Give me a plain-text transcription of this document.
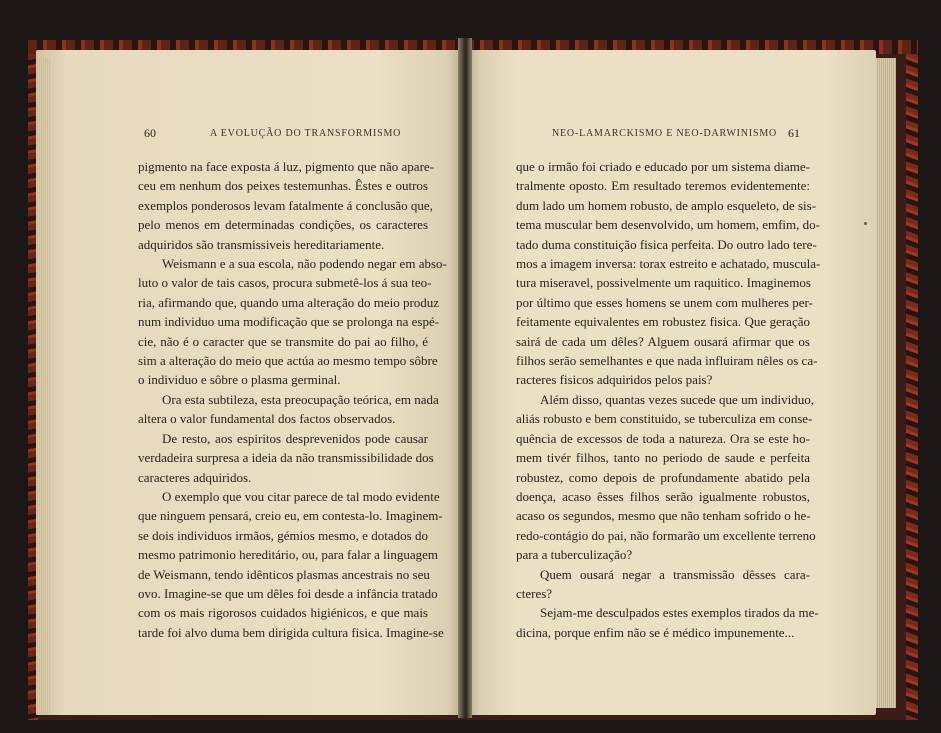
60	A EVOLUÇÃO DO TRANSFORMISMO	NEO-LAMARCKISMO E NEO-DARWINISMO 61
pigmento na face exposta á luz, pigmento que não apare-
ceu em nenhum dos peixes testemunhas. Êstes e outros
exemplos ponderosos levam fatalmente á conclusão que,
pelo menos em determinadas condições, os caracteres
adquiridos são transmissiveis hereditariamente.
Weismann e a sua escola, não podendo negar em abso-
luto o valor de tais casos, procura submetê-los á sua teo-
ria, afirmando que, quando uma alteração do meio produz
num individuo uma modificação que se prolonga na espé-
cie, não é o caracter que se transmite do pai ao filho, é
sim a alteração do meio que actúa ao mesmo tempo sôbre
o individuo e sôbre o plasma germinal.
Ora esta subtileza, esta preocupação teórica, em nada
altera o valor fundamental dos factos observados.
De resto, aos espiritos desprevenidos pode causar
verdadeira surpresa a ideia da não transmissibilidade dos
caracteres adquiridos.
O exemplo que vou citar parece de tal modo evidente
que ninguem pensará, creio eu, em contesta-lo. Imaginem-
se dois individuos irmãos, gémios mesmo, e dotados do
mesmo patrimonio hereditário, ou, para falar a linguagem
de Weismann, tendo idênticos plasmas ancestrais no seu
ovo. Imagine-se que um dêles foi desde a infância tratado
com os mais rigorosos cuidados higiénicos, e que mais
tarde foi alvo duma bem dirigida cultura fisica. Imagine-se
que o irmão foi criado e educado por um sistema diame-
tralmente oposto. Em resultado teremos evidentemente:
dum lado um homem robusto, de amplo esqueleto, de sis-
tema muscular bem desenvolvido, um homem, emfim, do-
tado duma constituição fisica perfeita. Do outro lado tere-
mos a imagem inversa: torax estreito e achatado, muscula-
tura miseravel, possivelmente um raquitico. Imaginemos
por último que esses homens se unem com mulheres per-
feitamente equivalentes em robustez fisica. Que geração
sairá de cada um dêles? Alguem ousará afirmar que os
filhos serão semelhantes e que nada influiram nêles os ca-
racteres fisicos adquiridos pelos pais?
Além disso, quantas vezes sucede que um individuo,
aliás robusto e bem constituido, se tuberculiza em conse-
quência de excessos de toda a natureza. Ora se este ho-
mem tivér filhos, tanto no periodo de saude e perfeita
robustez, como depois de profundamente abatido pela
doença, acaso êsses filhos serão igualmente robustos,
acaso os segundos, mesmo que não tenham sofrido o he-
redo-contágio do pai, não formarão um excellente terreno
para a tuberculização?
Quem ousará negar a transmissão dêsses cara-
cteres?
Sejam-me desculpados estes exemplos tirados da me-
dicina, porque enfim não se é médico impunemente...
